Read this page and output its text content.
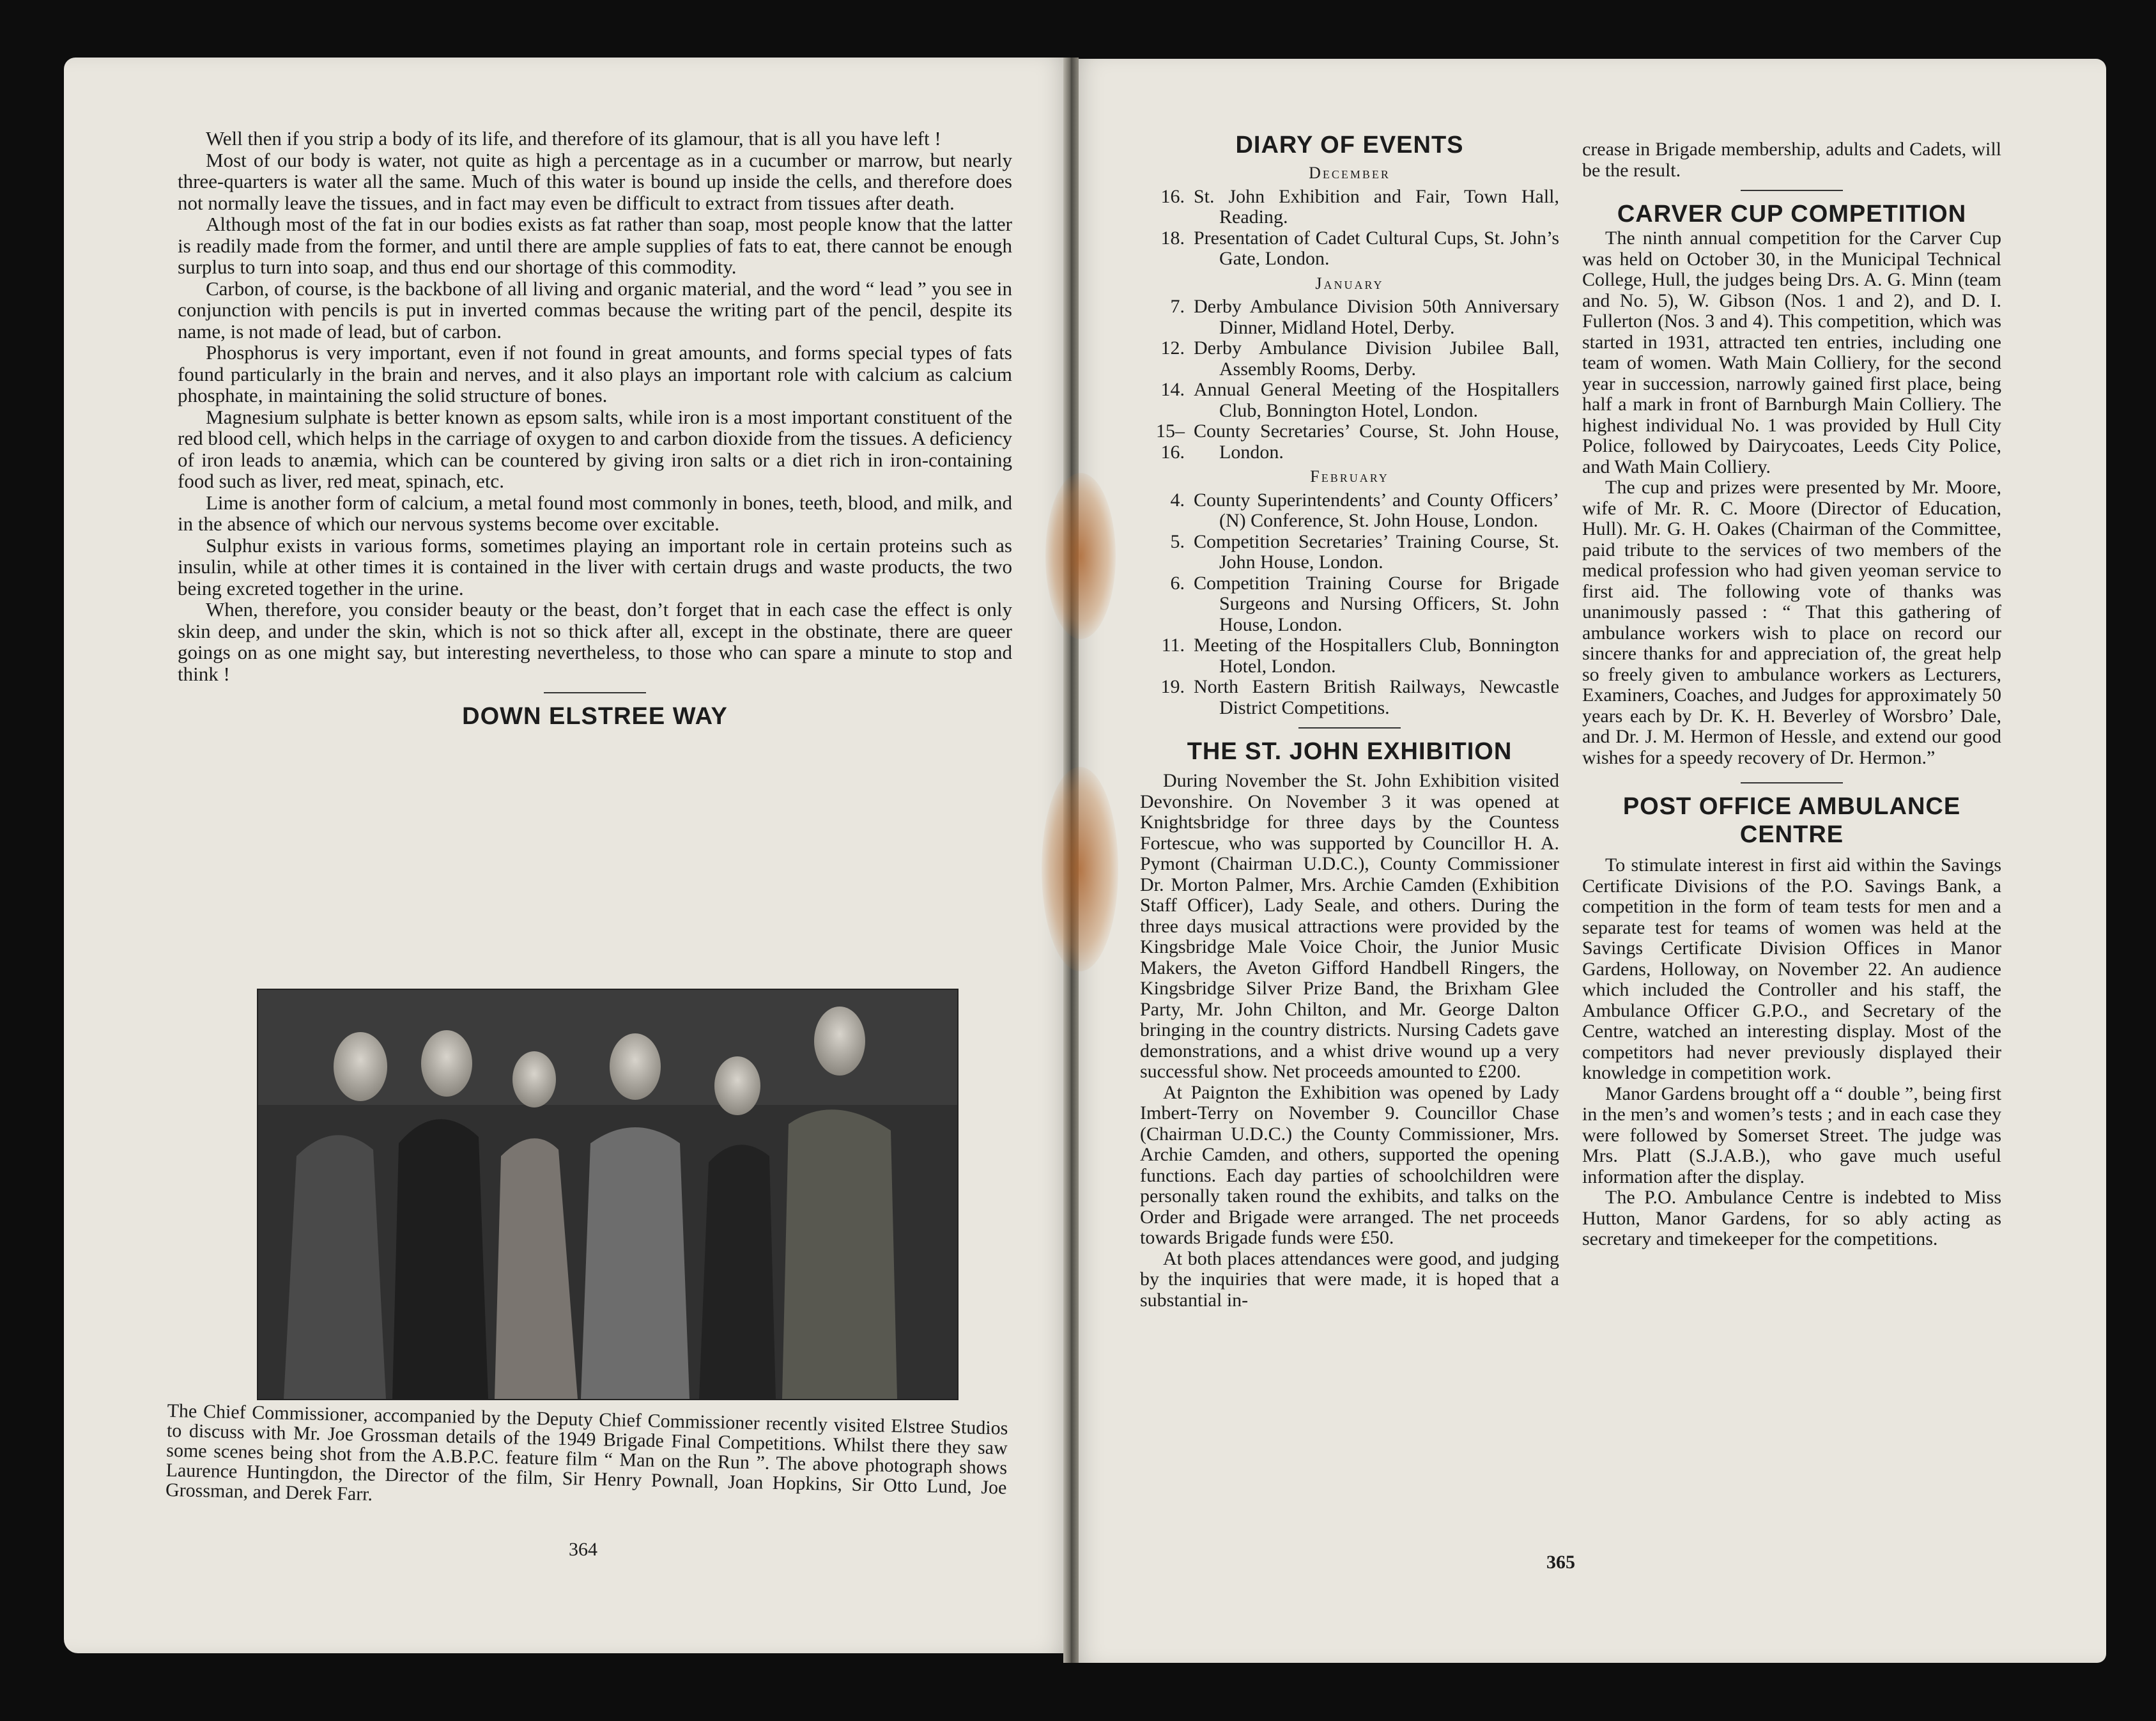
Well then if you strip a body of its life, and therefore of its glamour, that is all you have left !

Most of our body is water, not quite as high a percentage as in a cucumber or marrow, but nearly three-quarters is water all the same. Much of this water is bound up inside the cells, and therefore does not normally leave the tissues, and in fact may even be difficult to extract from tissues after death.

Although most of the fat in our bodies exists as fat rather than soap, most people know that the latter is readily made from the former, and until there are ample supplies of fats to eat, there cannot be enough surplus to turn into soap, and thus end our shortage of this commodity.

Carbon, of course, is the backbone of all living and organic material, and the word “ lead ” you see in conjunction with pencils is put in inverted commas because the writing part of the pencil, despite its name, is not made of lead, but of carbon.

Phosphorus is very important, even if not found in great amounts, and forms special types of fats found particularly in the brain and nerves, and it also plays an important role with calcium as calcium phosphate, in maintaining the solid structure of bones.

Magnesium sulphate is better known as epsom salts, while iron is a most important constituent of the red blood cell, which helps in the carriage of oxygen to and carbon dioxide from the tissues. A deficiency of iron leads to anæmia, which can be countered by giving iron salts or a diet rich in iron-containing food such as liver, red meat, spinach, etc.

Lime is another form of calcium, a metal found most commonly in bones, teeth, blood, and milk, and in the absence of which our nervous systems become over excitable.

Sulphur exists in various forms, sometimes playing an important role in certain proteins such as insulin, while at other times it is contained in the liver with certain drugs and waste products, the two being excreted together in the urine.

When, therefore, you consider beauty or the beast, don’t forget that in each case the effect is only skin deep, and under the skin, which is not so thick after all, except in the obstinate, there are queer goings on as one might say, but interesting nevertheless, to those who can spare a minute to stop and think !

DOWN ELSTREE WAY
The Chief Commissioner, accompanied by the Deputy Chief Commissioner recently visited Elstree Studios to discuss with Mr. Joe Grossman details of the 1949 Brigade Final Competitions. Whilst there they saw some scenes being shot from the A.B.P.C. feature film “ Man on the Run ”. The above photograph shows Laurence Huntingdon, the Director of the film, Sir Henry Pownall, Joan Hopkins, Sir Otto Lund, Joe Grossman, and Derek Farr.
364
DIARY OF EVENTS
December
16. St. John Exhibition and Fair, Town Hall, Reading.
18. Presentation of Cadet Cultural Cups, St. John’s Gate, London.
January
7. Derby Ambulance Division 50th Anniversary Dinner, Midland Hotel, Derby.
12. Derby Ambulance Division Jubilee Ball, Assembly Rooms, Derby.
14. Annual General Meeting of the Hospitallers Club, Bonnington Hotel, London.
15–16.
County Secretaries’ Course, St. John House, London.
February
4. County Superintendents’ and County Officers’ (N) Conference, St. John House, London.
5. Competition Secretaries’ Training Course, St. John House, London.
6. Competition Training Course for Brigade Surgeons and Nursing Officers, St. John House, London.
11. Meeting of the Hospitallers Club, Bonnington Hotel, London.
19. North Eastern British Railways, Newcastle District Competitions.
THE ST. JOHN EXHIBITION

During November the St. John Exhibition visited Devonshire. On November 3 it was opened at Knightsbridge for three days by the Countess Fortescue, who was supported by Councillor H. A. Pymont (Chairman U.D.C.), County Commissioner Dr. Morton Palmer, Mrs. Archie Camden (Exhibition Staff Officer), Lady Seale, and others. During the three days musical attractions were provided by the Kingsbridge Male Voice Choir, the Junior Music Makers, the Aveton Gifford Handbell Ringers, the Kingsbridge Silver Prize Band, the Brixham Glee Party, Mr. John Chilton, and Mr. George Dalton bringing in the country districts. Nursing Cadets gave demonstrations, and a whist drive wound up a very successful show. Net proceeds amounted to £200.

At Paignton the Exhibition was opened by Lady Imbert-Terry on November 9. Councillor Chase (Chairman U.D.C.) the County Commissioner, Mrs. Archie Camden, and others, supported the opening functions. Each day parties of schoolchildren were personally taken round the exhibits, and talks on the Order and Brigade were arranged. The net proceeds towards Brigade funds were £50.

At both places attendances were good, and judging by the inquiries that were made, it is hoped that a substantial in-

crease in Brigade membership, adults and Cadets, will be the result.

CARVER CUP COMPETITION

The ninth annual competition for the Carver Cup was held on October 30, in the Municipal Technical College, Hull, the judges being Drs. A. G. Minn (team and No. 5), W. Gibson (Nos. 1 and 2), and D. I. Fullerton (Nos. 3 and 4). This competition, which was started in 1931, attracted ten entries, including one team of women. Wath Main Colliery, for the second year in succession, narrowly gained first place, being half a mark in front of Barnburgh Main Colliery. The highest individual No. 1 was provided by Hull City Police, followed by Dairycoates, Leeds City Police, and Wath Main Colliery.

The cup and prizes were presented by Mr. Moore, wife of Mr. R. C. Moore (Director of Education, Hull). Mr. G. H. Oakes (Chairman of the Committee, paid tribute to the services of two members of the medical profession who had given yeoman service to first aid. The following vote of thanks was unanimously passed : “ That this gathering of ambulance workers wish to place on record our sincere thanks for and appreciation of, the great help so freely given to ambulance workers as Lecturers, Examiners, Coaches, and Judges for approximately 50 years each by Dr. K. H. Beverley of Worsbro’ Dale, and Dr. J. M. Hermon of Hessle, and extend our good wishes for a speedy recovery of Dr. Hermon.”

POST OFFICE AMBULANCE
CENTRE

To stimulate interest in first aid within the Savings Certificate Divisions of the P.O. Savings Bank, a competition in the form of team tests for men and a separate test for teams of women was held at the Savings Certificate Division Offices in Manor Gardens, Holloway, on November 22. An audience which included the Controller and his staff, the Ambulance Officer G.P.O., and Secretary of the Centre, watched an interesting display. Most of the competitors had never previously displayed their knowledge in competition work.

Manor Gardens brought off a “ double ”, being first in the men’s and women’s tests ; and in each case they were followed by Somerset Street. The judge was Mrs. Platt (S.J.A.B.), who gave much useful information after the display.

The P.O. Ambulance Centre is indebted to Miss Hutton, Manor Gardens, for so ably acting as secretary and timekeeper for the competitions.

365
